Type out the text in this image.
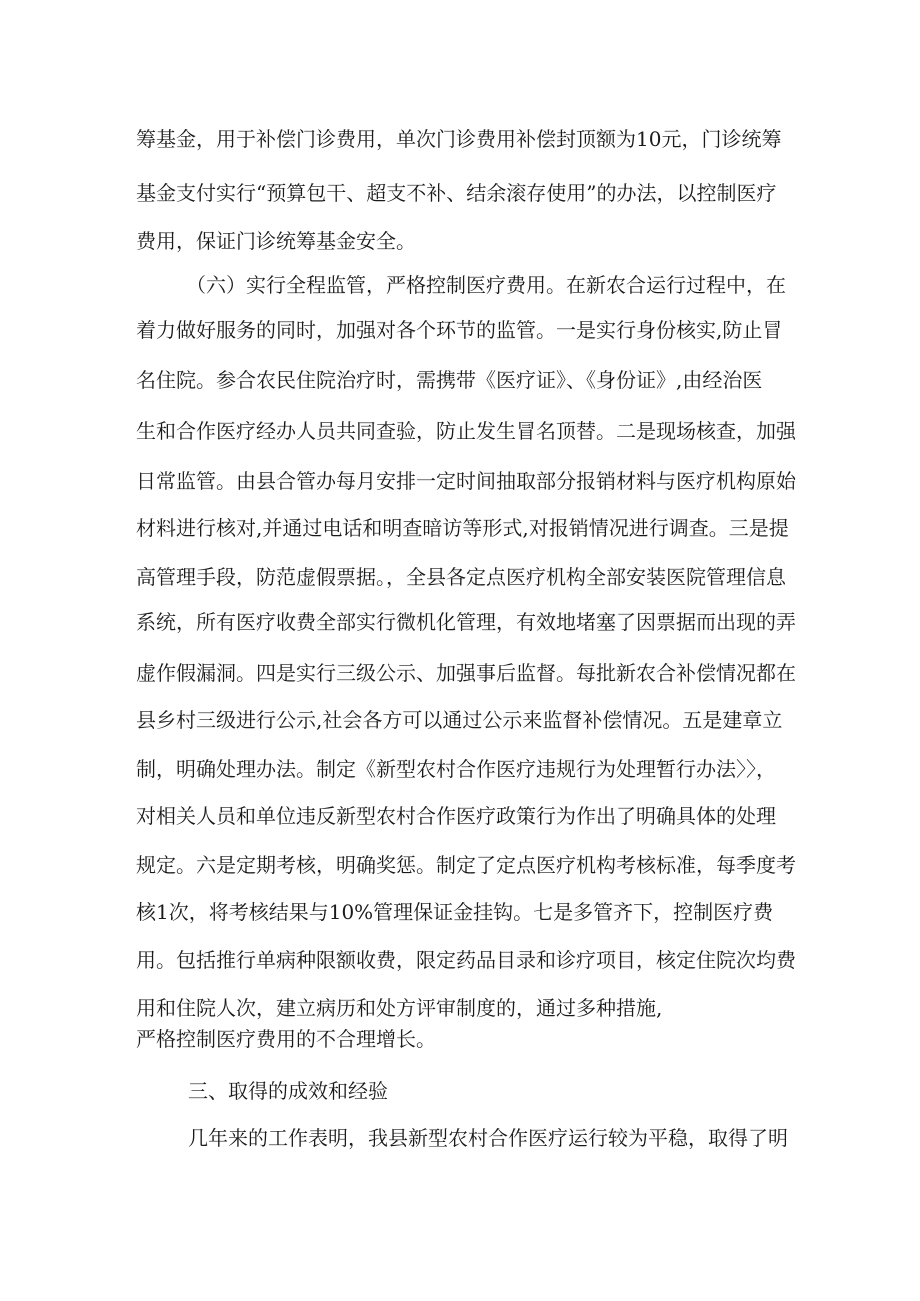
筹基金，用于补偿门诊费用，单次门诊费用补偿封顶额为10元，门诊统筹

基金支付实行“预算包干、超支不补、结余滚存使用”的办法，以控制医疗

费用，保证门诊统筹基金安全。

（六）实行全程监管，严格控制医疗费用。在新农合运行过程中，在

着力做好服务的同时，加强对各个环节的监管。一是实行身份核实,防止冒

名住院。参合农民住院治疗时，需携带《医疗证》、《身份证》,由经治医

生和合作医疗经办人员共同查验，防止发生冒名顶替。二是现场核查，加强

日常监管。由县合管办每月安排一定时间抽取部分报销材料与医疗机构原始

材料进行核对,并通过电话和明查暗访等形式,对报销情况进行调查。三是提

高管理手段，防范虚假票据。，全县各定点医疗机构全部安装医院管理信息

系统，所有医疗收费全部实行微机化管理，有效地堵塞了因票据而出现的弄

虚作假漏洞。四是实行三级公示、加强事后监督。每批新农合补偿情况都在

县乡村三级进行公示,社会各方可以通过公示来监督补偿情况。五是建章立

制，明确处理办法。制定《新型农村合作医疗违规行为处理暂行办法〉〉，

对相关人员和单位违反新型农村合作医疗政策行为作出了明确具体的处理

规定。六是定期考核，明确奖惩。制定了定点医疗机构考核标准，每季度考

核1次，将考核结果与10%管理保证金挂钩。七是多管齐下，控制医疗费

用。包括推行单病种限额收费，限定药品目录和诊疗项目，核定住院次均费

用和住院人次，建立病历和处方评审制度的，通过多种措施,

严格控制医疗费用的不合理增长。

三、取得的成效和经验

几年来的工作表明，我县新型农村合作医疗运行较为平稳，取得了明
